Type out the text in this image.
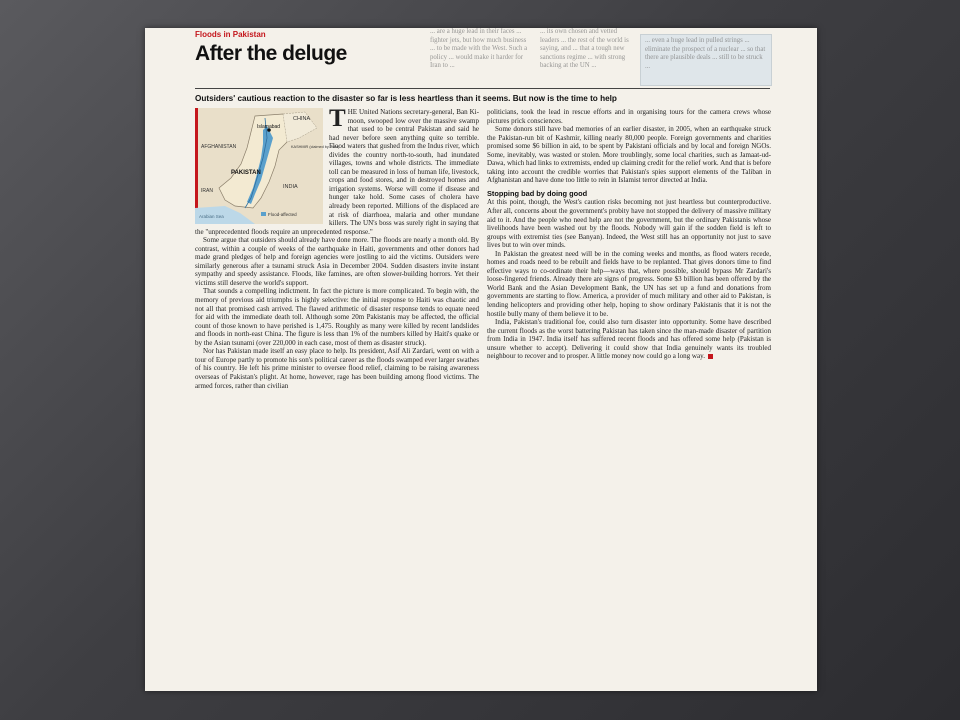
... are a huge lead in their faces ... fighter jets, but how much business ... to be made with the West. Such a policy ... would make it harder for Iran to ...

... its own chosen and vetted leaders ... the rest of the world is saying, and ... that a tough new sanctions regime ... with strong backing at the UN ...

... even a huge lead in pulled strings ... eliminate the prospect of a nuclear ... so that there are plausible deals ... still to be struck ...

Floods in Pakistan
After the deluge
Outsiders' cautious reaction to the disaster so far is less heartless than it seems. But now is the time to help
CHINA
AFGHANISTAN
Islamabad
PAKISTAN
INDIA
IRAN
KASHMIR (claimed by India)
Arabian Sea	Flood-affected

THE United Nations secretary-general, Ban Ki-moon, swooped low over the massive swamp that used to be central Pakistan and said he had never before seen anything quite so terrible. Flood waters that gushed from the Indus river, which divides the country north-to-south, had inundated villages, towns and whole districts. The immediate toll can be measured in loss of human life, livestock, crops and food stores, and in destroyed homes and irrigation systems. Worse will come if disease and hunger take hold. Some cases of cholera have already been reported. Millions of the displaced are at risk of diarrhoea, malaria and other mundane killers. The UN's boss was surely right in saying that the "unprecedented floods require an unprecedented response."

Some argue that outsiders should already have done more. The floods are nearly a month old. By contrast, within a couple of weeks of the earthquake in Haiti, governments and other donors had made grand pledges of help and foreign agencies were jostling to aid the victims. Outsiders were similarly generous after a tsunami struck Asia in December 2004. Sudden disasters invite instant sympathy and speedy assistance. Floods, like famines, are often slower-building horrors. Yet their victims still deserve the world's support.

That sounds a compelling indictment. In fact the picture is more complicated. To begin with, the memory of previous aid triumphs is highly selective: the initial response to Haiti was chaotic and not all that promised cash arrived. The flawed arithmetic of disaster response tends to equate need for aid with the immediate death toll. Although some 20m Pakistanis may be affected, the official count of those known to have perished is 1,475. Roughly as many were killed by recent landslides and floods in north-east China. The figure is less than 1% of the numbers killed by Haiti's quake or by the Asian tsunami (over 220,000 in each case, most of them as disaster struck).

Nor has Pakistan made itself an easy place to help. Its president, Asif Ali Zardari, went on with a tour of Europe partly to promote his son's political career as the floods swamped ever larger swathes of his country. He left his prime minister to oversee flood relief, claiming to be raising awareness overseas of Pakistan's plight. At home, however, rage has been building among flood victims. The armed forces, rather than civilian

politicians, took the lead in rescue efforts and in organising tours for the camera crews whose pictures prick consciences.

Some donors still have bad memories of an earlier disaster, in 2005, when an earthquake struck the Pakistan-run bit of Kashmir, killing nearly 80,000 people. Foreign governments and charities promised some $6 billion in aid, to be spent by Pakistani officials and by local and foreign NGOs. Some, inevitably, was wasted or stolen. More troublingly, some local charities, such as Jamaat-ud-Dawa, which had links to extremists, ended up claiming credit for the relief work. And that is before taking into account the credible worries that Pakistan's spies support elements of the Taliban in Afghanistan and have done too little to rein in Islamist terror directed at India.

Stopping bad by doing good

At this point, though, the West's caution risks becoming not just heartless but counterproductive. After all, concerns about the government's probity have not stopped the delivery of massive military aid to it. And the people who need help are not the government, but the ordinary Pakistanis whose livelihoods have been washed out by the floods. Nobody will gain if the sodden field is left to groups with extremist ties (see Banyan). Indeed, the West still has an opportunity not just to save lives but to win over minds.

In Pakistan the greatest need will be in the coming weeks and months, as flood waters recede, homes and roads need to be rebuilt and fields have to be replanted. That gives donors time to find effective ways to co-ordinate their help—ways that, where possible, should bypass Mr Zardari's loose-fingered friends. Already there are signs of progress. Some $3 billion has been offered by the World Bank and the Asian Development Bank, the UN has set up a fund and donations from governments are starting to flow. America, a provider of much military and other aid to Pakistan, is lending helicopters and providing other help, hoping to show ordinary Pakistanis that it is not the hostile bully many of them believe it to be.

India, Pakistan's traditional foe, could also turn disaster into opportunity. Some have described the current floods as the worst battering Pakistan has taken since the man-made disaster of partition from India in 1947. India itself has suffered recent floods and has offered some help (Pakistan is unsure whether to accept). Delivering it could show that India genuinely wants its troubled neighbour to recover and to prosper. A little money now could go a long way.
